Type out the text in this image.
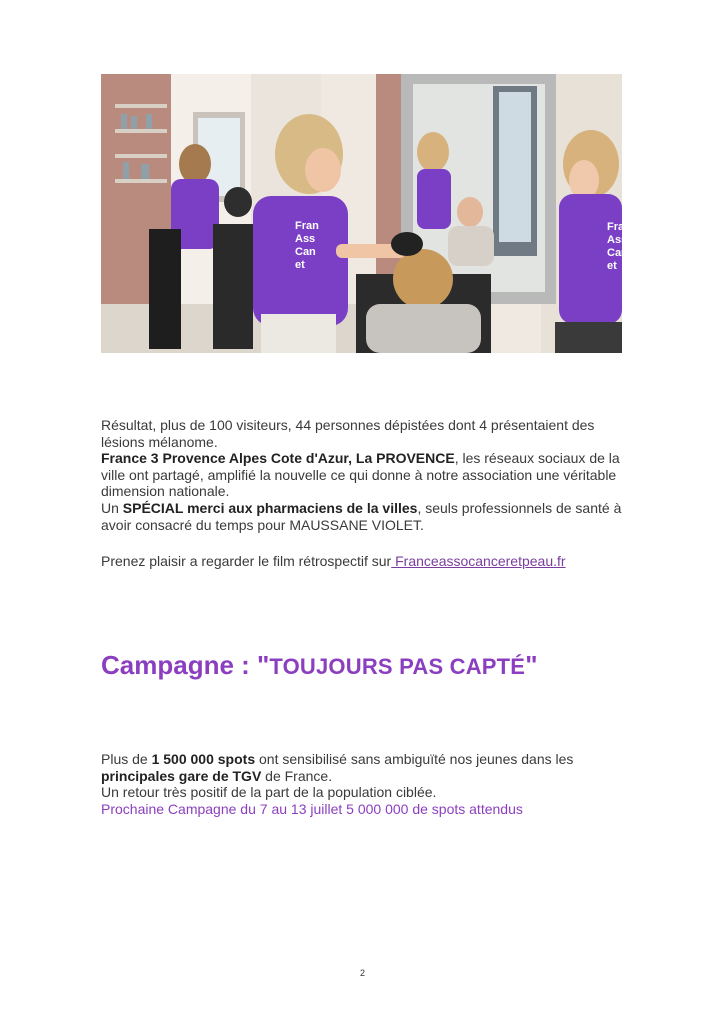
Fran
Ass
Can
et
Fran
Ass
Can
et
Résultat, plus de 100 visiteurs, 44 personnes dépistées dont 4 présentaient des lésions mélanome.
France 3 Provence Alpes Cote d'Azur, La PROVENCE, les réseaux sociaux de la ville ont partagé, amplifié la nouvelle ce qui donne à notre association une véritable dimension nationale.
Un SPÉCIAL merci aux pharmaciens de la villes, seuls professionnels de santé à avoir consacré du temps pour MAUSSANE VIOLET.
Prenez plaisir a regarder le film rétrospectif sur Franceassocanceretpeau.fr
Campagne : "TOUJOURS PAS CAPTÉ"
Plus de 1 500 000 spots ont sensibilisé sans ambiguïté nos jeunes dans les principales gare de TGV de France.
Un retour très positif de la part de la population ciblée.
Prochaine Campagne du 7 au 13 juillet 5 000 000 de spots attendus
2
